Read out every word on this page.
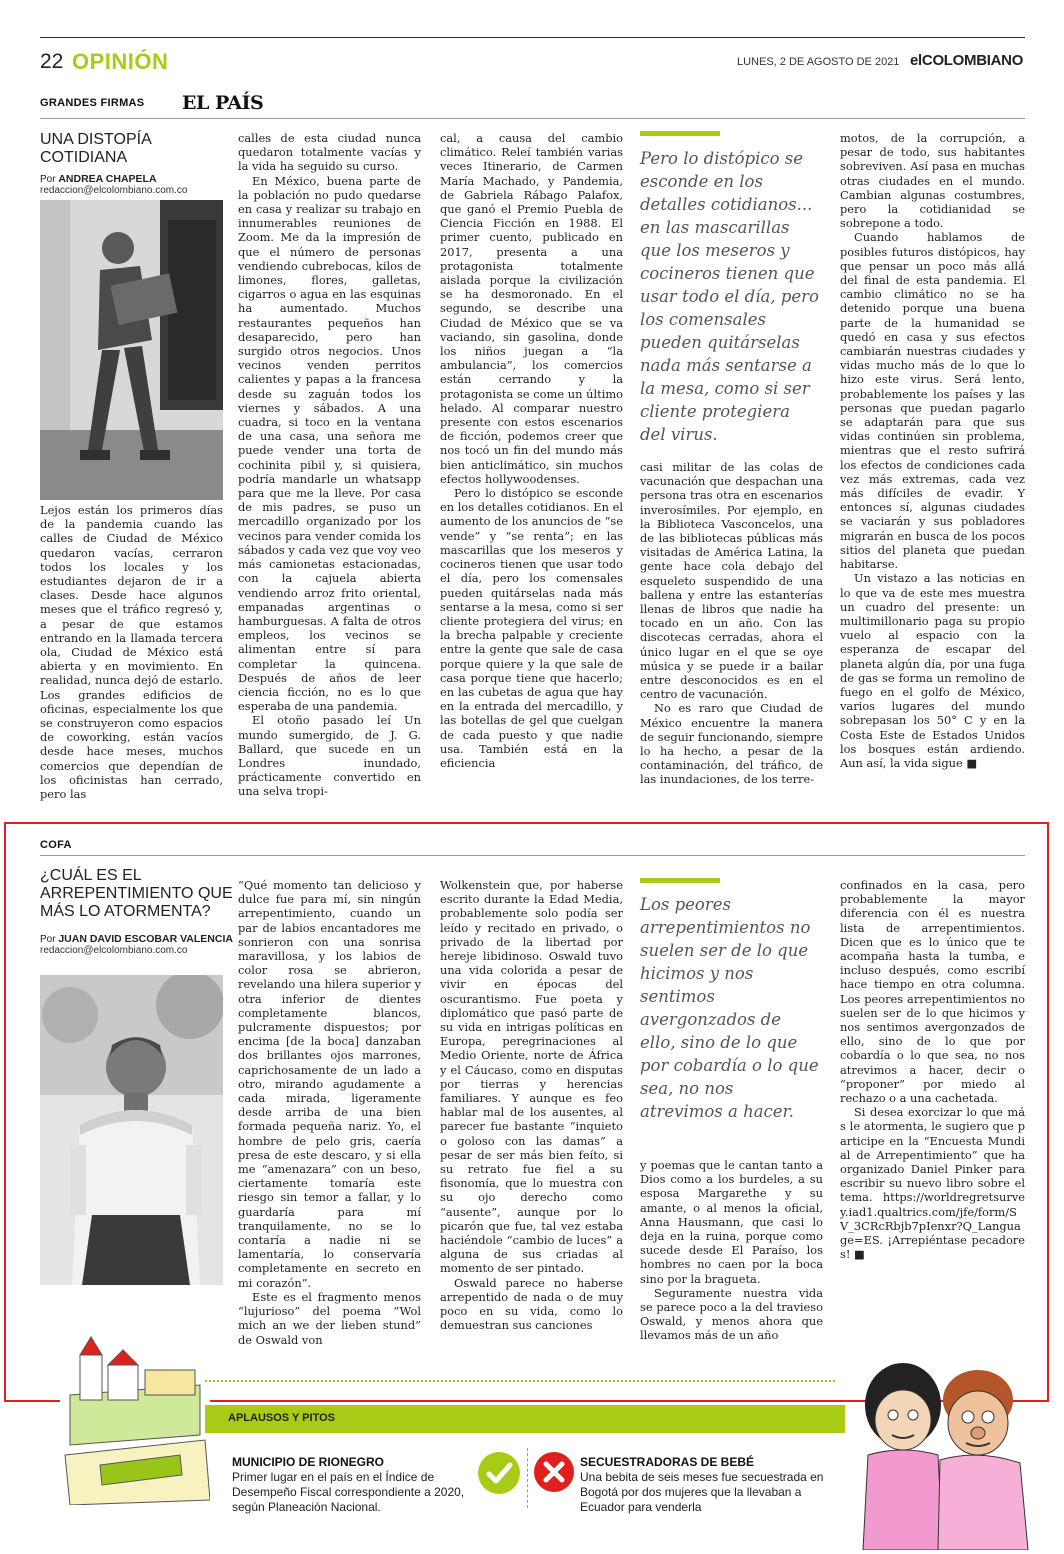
22 OPINIÓN	LUNES, 2 DE AGOSTO DE 2021 elCOLOMBIANO
GRANDES FIRMAS EL PAÍS
UNA DISTOPÍA
COTIDIANA
Por ANDREA CHAPELA
redaccion@elcolombiano.com.co

Lejos están los primeros días de la pandemia cuando las calles de Ciudad de México quedaron vacías, cerraron todos los locales y los estudiantes dejaron de ir a clases. Desde hace algunos meses que el tráfico regresó y, a pesar de que estamos entrando en la llamada tercera ola, Ciudad de México está abierta y en movimiento. En realidad, nunca dejó de estarlo. Los grandes edificios de oficinas, especialmente los que se construyeron como espacios de coworking, están vacíos desde hace meses, muchos comercios que dependían de los oficinistas han cerrado, pero las

calles de esta ciudad nunca quedaron totalmente vacías y la vida ha seguido su curso.

En México, buena parte de la población no pudo quedarse en casa y realizar su trabajo en innumerables reuniones de Zoom. Me da la impresión de que el número de personas vendiendo cubrebocas, kilos de limones, flores, galletas, cigarros o agua en las esquinas ha aumentado. Muchos restaurantes pequeños han desaparecido, pero han surgido otros negocios. Unos vecinos venden perritos calientes y papas a la francesa desde su zaguán todos los viernes y sábados. A una cuadra, si toco en la ventana de una casa, una señora me puede vender una torta de cochinita pibil y, si quisiera, podría mandarle un whatsapp para que me la lleve. Por casa de mis padres, se puso un mercadillo organizado por los vecinos para vender comida los sábados y cada vez que voy veo más camionetas estacionadas, con la cajuela abierta vendiendo arroz frito oriental, empanadas argentinas o hamburguesas. A falta de otros empleos, los vecinos se alimentan entre sí para completar la quincena. Después de años de leer ciencia ficción, no es lo que esperaba de una pandemia.

El otoño pasado leí Un mundo sumergido, de J. G. Ballard, que sucede en un Londres inundado, prácticamente convertido en una selva tropi-

cal, a causa del cambio climático. Releí también varias veces Itinerario, de Carmen María Machado, y Pandemia, de Gabriela Rábago Palafox, que ganó el Premio Puebla de Ciencia Ficción en 1988. El primer cuento, publicado en 2017, presenta a una protagonista totalmente aislada porque la civilización se ha desmoronado. En el segundo, se describe una Ciudad de México que se va vaciando, sin gasolina, donde los niños juegan a “la ambulancia”, los comercios están cerrando y la protagonista se come un último helado. Al comparar nuestro presente con estos escenarios de ficción, podemos creer que nos tocó un fin del mundo más bien anticlimático, sin muchos efectos hollywoodenses.

Pero lo distópico se esconde en los detalles cotidianos. En el aumento de los anuncios de “se vende” y “se renta”; en las mascarillas que los meseros y cocineros tienen que usar todo el día, pero los comensales pueden quitárselas nada más sentarse a la mesa, como si ser cliente protegiera del virus; en la brecha palpable y creciente entre la gente que sale de casa porque quiere y la que sale de casa porque tiene que hacerlo; en las cubetas de agua que hay en la entrada del mercadillo, y las botellas de gel que cuelgan de cada puesto y que nadie usa. También está en la eficiencia

Pero lo distópico se esconde en los detalles cotidianos... en las mascarillas que los meseros y cocineros tienen que usar todo el día, pero los comensales pueden quitárselas nada más sentarse a la mesa, como si ser cliente protegiera del virus.

casi militar de las colas de vacunación que despachan una persona tras otra en escenarios inverosímiles. Por ejemplo, en la Biblioteca Vasconcelos, una de las bibliotecas públicas más visitadas de América Latina, la gente hace cola debajo del esqueleto suspendido de una ballena y entre las estanterías llenas de libros que nadie ha tocado en un año. Con las discotecas cerradas, ahora el único lugar en el que se oye música y se puede ir a bailar entre desconocidos es en el centro de vacunación.

No es raro que Ciudad de México encuentre la manera de seguir funcionando, siempre lo ha hecho, a pesar de la contaminación, del tráfico, de las inundaciones, de los terre-

motos, de la corrupción, a pesar de todo, sus habitantes sobreviven. Así pasa en muchas otras ciudades en el mundo. Cambian algunas costumbres, pero la cotidianidad se sobrepone a todo.

Cuando hablamos de posibles futuros distópicos, hay que pensar un poco más allá del final de esta pandemia. El cambio climático no se ha detenido porque una buena parte de la humanidad se quedó en casa y sus efectos cambiarán nuestras ciudades y vidas mucho más de lo que lo hizo este virus. Será lento, probablemente los países y las personas que puedan pagarlo se adaptarán para que sus vidas continúen sin problema, mientras que el resto sufrirá los efectos de condiciones cada vez más extremas, cada vez más difíciles de evadir. Y entonces sí, algunas ciudades se vaciarán y sus pobladores migrarán en busca de los pocos sitios del planeta que puedan habitarse.

Un vistazo a las noticias en lo que va de este mes muestra un cuadro del presente: un multimillonario paga su propio vuelo al espacio con la esperanza de escapar del planeta algún día, por una fuga de gas se forma un remolino de fuego en el golfo de México, varios lugares del mundo sobrepasan los 50° C y en la Costa Este de Estados Unidos los bosques están ardiendo. Aun así, la vida sigue ■

COFA
¿CUÁL ES EL
ARREPENTIMIENTO QUE
MÁS LO ATORMENTA?
Por JUAN DAVID ESCOBAR VALENCIA
redaccion@elcolombiano.com.co

“Qué momento tan delicioso y dulce fue para mí, sin ningún arrepentimiento, cuando un par de labios encantadores me sonrieron con una sonrisa maravillosa, y los labios de color rosa se abrieron, revelando una hilera superior y otra inferior de dientes completamente blancos, pulcramente dispuestos; por encima [de la boca] danzaban dos brillantes ojos marrones, caprichosamente de un lado a otro, mirando agudamente a cada mirada, ligeramente desde arriba de una bien formada pequeña nariz. Yo, el hombre de pelo gris, caería presa de este descaro, y si ella me “amenazara” con un beso, ciertamente tomaría este riesgo sin temor a fallar, y lo guardaría para mí tranquilamente, no se lo contaría a nadie ni se lamentaría, lo conservaría completamente en secreto en mi corazón”.

Este es el fragmento menos “lujurioso” del poema “Wol mich an we der lieben stund” de Oswald von

Wolkenstein que, por haberse escrito durante la Edad Media, probablemente solo podía ser leído y recitado en privado, o privado de la libertad por hereje libidinoso. Oswald tuvo una vida colorida a pesar de vivir en épocas del oscurantismo. Fue poeta y diplomático que pasó parte de su vida en intrigas políticas en Europa, peregrinaciones al Medio Oriente, norte de África y el Cáucaso, como en disputas por tierras y herencias familiares. Y aunque es feo hablar mal de los ausentes, al parecer fue bastante “inquieto o goloso con las damas” a pesar de ser más bien feíto, si su retrato fue fiel a su fisonomía, que lo muestra con su ojo derecho como “ausente”, aunque por lo picarón que fue, tal vez estaba haciéndole “cambio de luces” a alguna de sus criadas al momento de ser pintado.

Oswald parece no haberse arrepentido de nada o de muy poco en su vida, como lo demuestran sus canciones

Los peores arrepentimientos no suelen ser de lo que hicimos y nos sentimos avergonzados de ello, sino de lo que por cobardía o lo que sea, no nos atrevimos a hacer.

y poemas que le cantan tanto a Dios como a los burdeles, a su esposa Margarethe y su amante, o al menos la oficial, Anna Hausmann, que casi lo deja en la ruina, porque como sucede desde El Paraíso, los hombres no caen por la boca sino por la bragueta.

Seguramente nuestra vida se parece poco a la del travieso Oswald, y menos ahora que llevamos más de un año

confinados en la casa, pero probablemente la mayor diferencia con él es nuestra lista de arrepentimientos. Dicen que es lo único que te acompaña hasta la tumba, e incluso después, como escribí hace tiempo en otra columna. Los peores arrepentimientos no suelen ser de lo que hicimos y nos sentimos avergonzados de ello, sino de lo que por cobardía o lo que sea, no nos atrevimos a hacer, decir o “proponer” por miedo al rechazo o a una cachetada.

Si desea exorcizar lo que más le atormenta, le sugiero que participe en la “Encuesta Mundial de Arrepentimiento” que ha organizado Daniel Pinker para escribir su nuevo libro sobre el tema. https://worldregretsurvey.iad1.qualtrics.com/jfe/form/SV_3CRcRbjb7pIenxr?Q_Language=ES. ¡Arrepiéntase pecadores! ■

APLAUSOS Y PITOS
MUNICIPIO DE RIONEGRO
Primer lugar en el país en el Índice de Desempeño Fiscal correspondiente a 2020, según Planeación Nacional.
SECUESTRADORAS DE BEBÉ
Una bebita de seis meses fue secuestrada en Bogotá por dos mujeres que la llevaban a Ecuador para venderla
